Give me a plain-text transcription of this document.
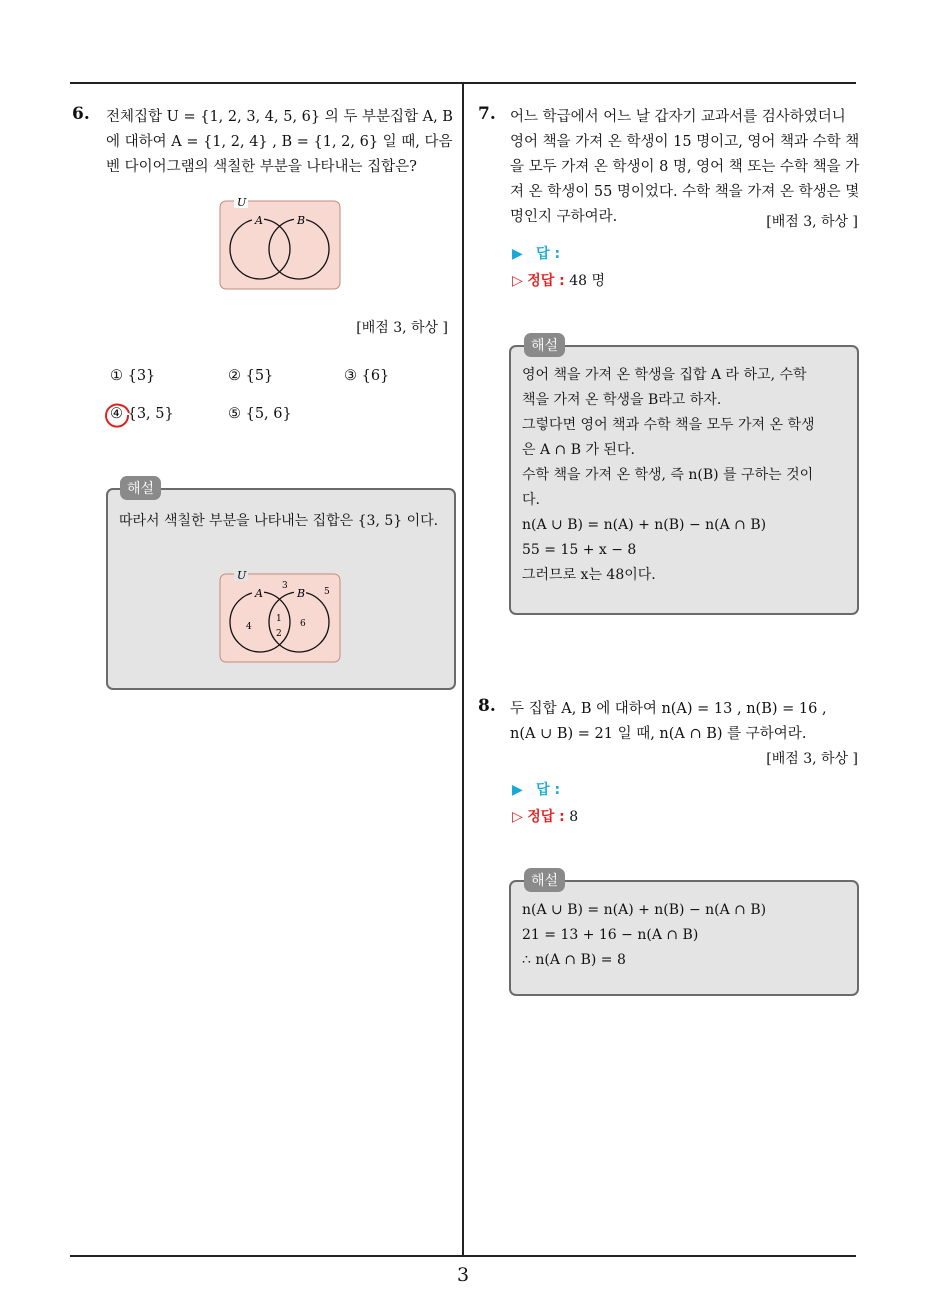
3
6. 전체집합 U = {1, 2, 3, 4, 5, 6} 의 두 부분집합 A, B 에 대하여 A = {1, 2, 4} , B = {1, 2, 6} 일 때, 다음 벤 다이어그램의 색칠한 부분을 나타내는 집합은?
U
A	B
[배점 3, 하상 ]
① {3}	② {5}	③ {6}
④ {3, 5}	⑤ {5, 6}
해설
따라서 색칠한 부분을 나타내는 집합은 {3, 5} 이다.
U
A	B
3
5
4
1
2
6
7. 어느 학급에서 어느 날 갑자기 교과서를 검사하였더니 영어 책을 가져 온 학생이 15 명이고, 영어 책과 수학 책을 모두 가져 온 학생이 8 명, 영어 책 또는 수학 책을 가져 온 학생이 55 명이었다. 수학 책을 가져 온 학생은 몇 명인지 구하여라.	[배점 3, 하상 ]
▶ 답 :
▷ 정답 : 48 명
해설
영어 책을 가져 온 학생을 집합 A 라 하고, 수학
책을 가져 온 학생을 B라고 하자.
그렇다면 영어 책과 수학 책을 모두 가져 온 학생
은 A ∩ B 가 된다.
수학 책을 가져 온 학생, 즉 n(B) 를 구하는 것이
다.
n(A ∪ B) = n(A) + n(B) − n(A ∩ B)
55 = 15 + x − 8
그러므로 x는 48이다.
8. 두 집합 A, B 에 대하여 n(A) = 13 , n(B) = 16 ,
n(A ∪ B) = 21 일 때, n(A ∩ B) 를 구하여라.
[배점 3, 하상 ]
▶ 답 :
▷ 정답 : 8
해설
n(A ∪ B) = n(A) + n(B) − n(A ∩ B)
21 = 13 + 16 − n(A ∩ B)
∴ n(A ∩ B) = 8
